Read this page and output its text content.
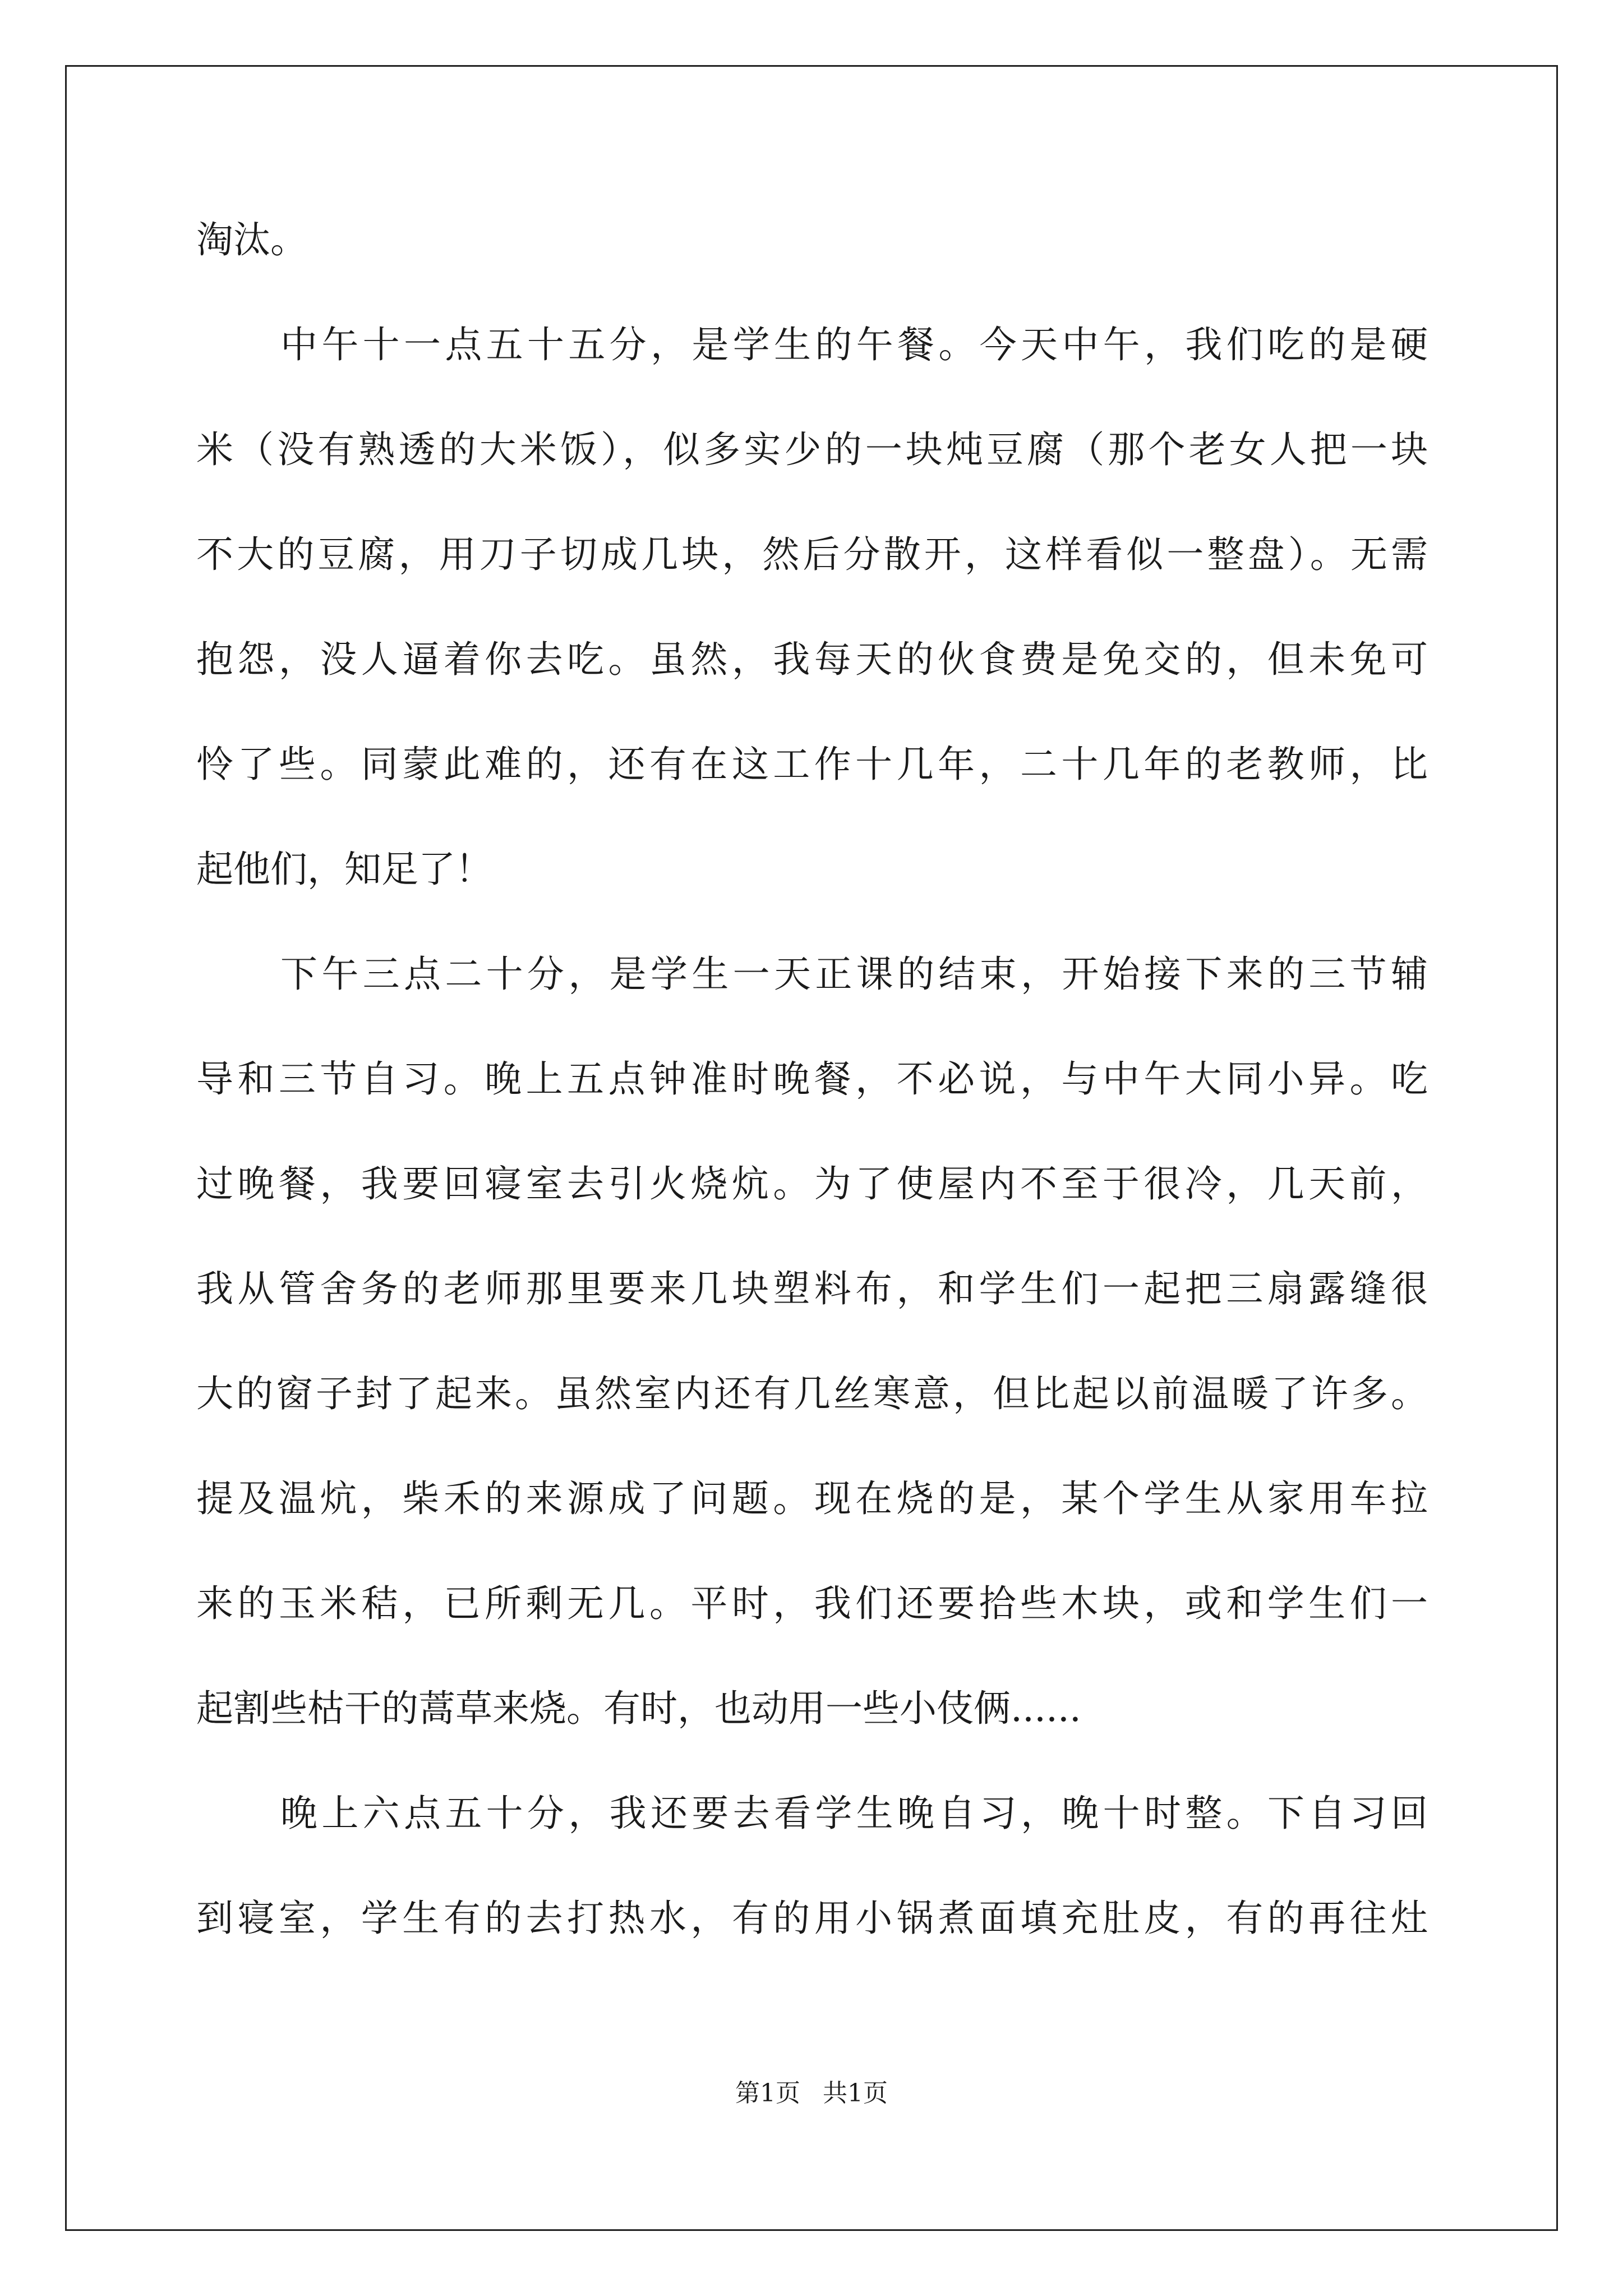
淘汰。
中午十一点五十五分，是学生的午餐。今天中午，我们吃的是硬
米（没有熟透的大米饭），似多实少的一块炖豆腐（那个老女人把一块
不大的豆腐，用刀子切成几块，然后分散开，这样看似一整盘）。无需
抱怨，没人逼着你去吃。虽然，我每天的伙食费是免交的，但未免可
怜了些。同蒙此难的，还有在这工作十几年，二十几年的老教师，比
起他们，知足了！
下午三点二十分，是学生一天正课的结束，开始接下来的三节辅
导和三节自习。晚上五点钟准时晚餐，不必说，与中午大同小异。吃
过晚餐，我要回寝室去引火烧炕。为了使屋内不至于很冷，几天前，
我从管舍务的老师那里要来几块塑料布，和学生们一起把三扇露缝很
大的窗子封了起来。虽然室内还有几丝寒意，但比起以前温暖了许多。
提及温炕，柴禾的来源成了问题。现在烧的是，某个学生从家用车拉
来的玉米秸，已所剩无几。平时，我们还要拾些木块，或和学生们一
起割些枯干的蒿草来烧。有时，也动用一些小伎俩......
晚上六点五十分，我还要去看学生晚自习，晚十时整。下自习回
到寝室，学生有的去打热水，有的用小锅煮面填充肚皮，有的再往灶
第1页 共1页
